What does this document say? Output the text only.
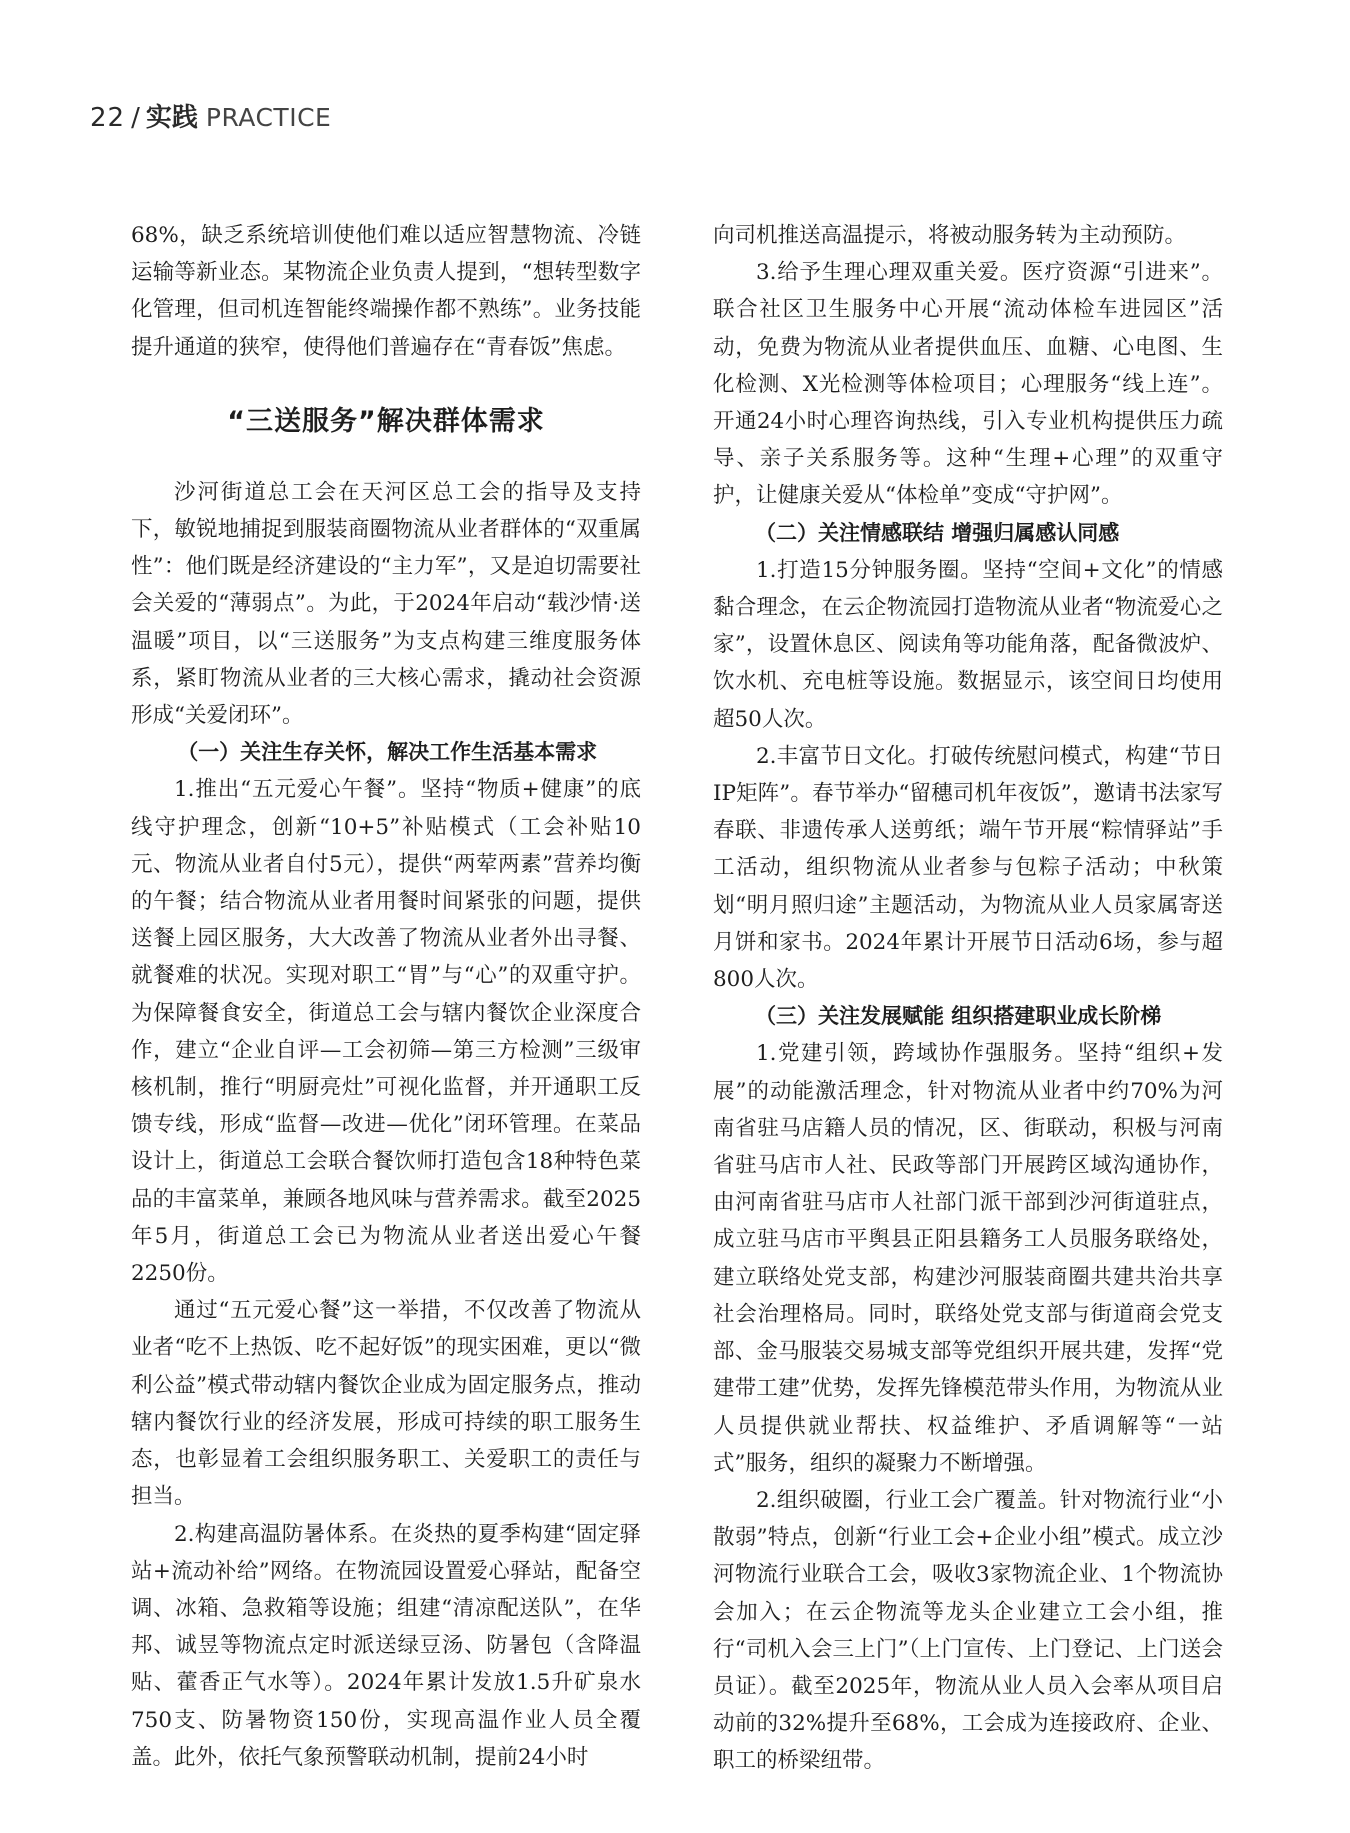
22 / 实践 PRACTICE

68%，缺乏系统培训使他们难以适应智慧物流、冷链运输等新业态。某物流企业负责人提到，“想转型数字化管理，但司机连智能终端操作都不熟练”。业务技能提升通道的狭窄，使得他们普遍存在“青春饭”焦虑。

“三送服务”解决群体需求

沙河街道总工会在天河区总工会的指导及支持下，敏锐地捕捉到服装商圈物流从业者群体的“双重属性”：他们既是经济建设的“主力军”，又是迫切需要社会关爱的“薄弱点”。为此，于2024年启动“载沙情·送温暖”项目，以“三送服务”为支点构建三维度服务体系，紧盯物流从业者的三大核心需求，撬动社会资源形成“关爱闭环”。

（一）关注生存关怀，解决工作生活基本需求

1.推出“五元爱心午餐”。坚持“物质+健康”的底线守护理念，创新“10+5”补贴模式（工会补贴10元、物流从业者自付5元），提供“两荤两素”营养均衡的午餐；结合物流从业者用餐时间紧张的问题，提供送餐上园区服务，大大改善了物流从业者外出寻餐、就餐难的状况。实现对职工“胃”与“心”的双重守护。为保障餐食安全，街道总工会与辖内餐饮企业深度合作，建立“企业自评—工会初筛—第三方检测”三级审核机制，推行“明厨亮灶”可视化监督，并开通职工反馈专线，形成“监督—改进—优化”闭环管理。在菜品设计上，街道总工会联合餐饮师打造包含18种特色菜品的丰富菜单，兼顾各地风味与营养需求。截至2025年5月，街道总工会已为物流从业者送出爱心午餐2250份。

通过“五元爱心餐”这一举措，不仅改善了物流从业者“吃不上热饭、吃不起好饭”的现实困难，更以“微利公益”模式带动辖内餐饮企业成为固定服务点，推动辖内餐饮行业的经济发展，形成可持续的职工服务生态，也彰显着工会组织服务职工、关爱职工的责任与担当。

2.构建高温防暑体系。在炎热的夏季构建“固定驿站+流动补给”网络。在物流园设置爱心驿站，配备空调、冰箱、急救箱等设施；组建“清凉配送队”，在华邦、诚昱等物流点定时派送绿豆汤、防暑包（含降温贴、藿香正气水等）。2024年累计发放1.5升矿泉水750支、防暑物资150份，实现高温作业人员全覆盖。此外，依托气象预警联动机制，提前24小时

向司机推送高温提示，将被动服务转为主动预防。

3.给予生理心理双重关爱。医疗资源“引进来”。联合社区卫生服务中心开展“流动体检车进园区”活动，免费为物流从业者提供血压、血糖、心电图、生化检测、X光检测等体检项目；心理服务“线上连”。开通24小时心理咨询热线，引入专业机构提供压力疏导、亲子关系服务等。这种“生理+心理”的双重守护，让健康关爱从“体检单”变成“守护网”。

（二）关注情感联结 增强归属感认同感

1.打造15分钟服务圈。坚持“空间+文化”的情感黏合理念，在云企物流园打造物流从业者“物流爱心之家”，设置休息区、阅读角等功能角落，配备微波炉、饮水机、充电桩等设施。数据显示，该空间日均使用超50人次。

2.丰富节日文化。打破传统慰问模式，构建“节日IP矩阵”。春节举办“留穗司机年夜饭”，邀请书法家写春联、非遗传承人送剪纸；端午节开展“粽情驿站”手工活动，组织物流从业者参与包粽子活动；中秋策划“明月照归途”主题活动，为物流从业人员家属寄送月饼和家书。2024年累计开展节日活动6场，参与超800人次。

（三）关注发展赋能 组织搭建职业成长阶梯

1.党建引领，跨域协作强服务。坚持“组织+发展”的动能激活理念，针对物流从业者中约70%为河南省驻马店籍人员的情况，区、街联动，积极与河南省驻马店市人社、民政等部门开展跨区域沟通协作，由河南省驻马店市人社部门派干部到沙河街道驻点，成立驻马店市平舆县正阳县籍务工人员服务联络处，建立联络处党支部，构建沙河服装商圈共建共治共享社会治理格局。同时，联络处党支部与街道商会党支部、金马服装交易城支部等党组织开展共建，发挥“党建带工建”优势，发挥先锋模范带头作用，为物流从业人员提供就业帮扶、权益维护、矛盾调解等“一站式”服务，组织的凝聚力不断增强。

2.组织破圈，行业工会广覆盖。针对物流行业“小散弱”特点，创新“行业工会+企业小组”模式。成立沙河物流行业联合工会，吸收3家物流企业、1个物流协会加入；在云企物流等龙头企业建立工会小组，推行“司机入会三上门”（上门宣传、上门登记、上门送会员证）。截至2025年，物流从业人员入会率从项目启动前的32%提升至68%，工会成为连接政府、企业、职工的桥梁纽带。
